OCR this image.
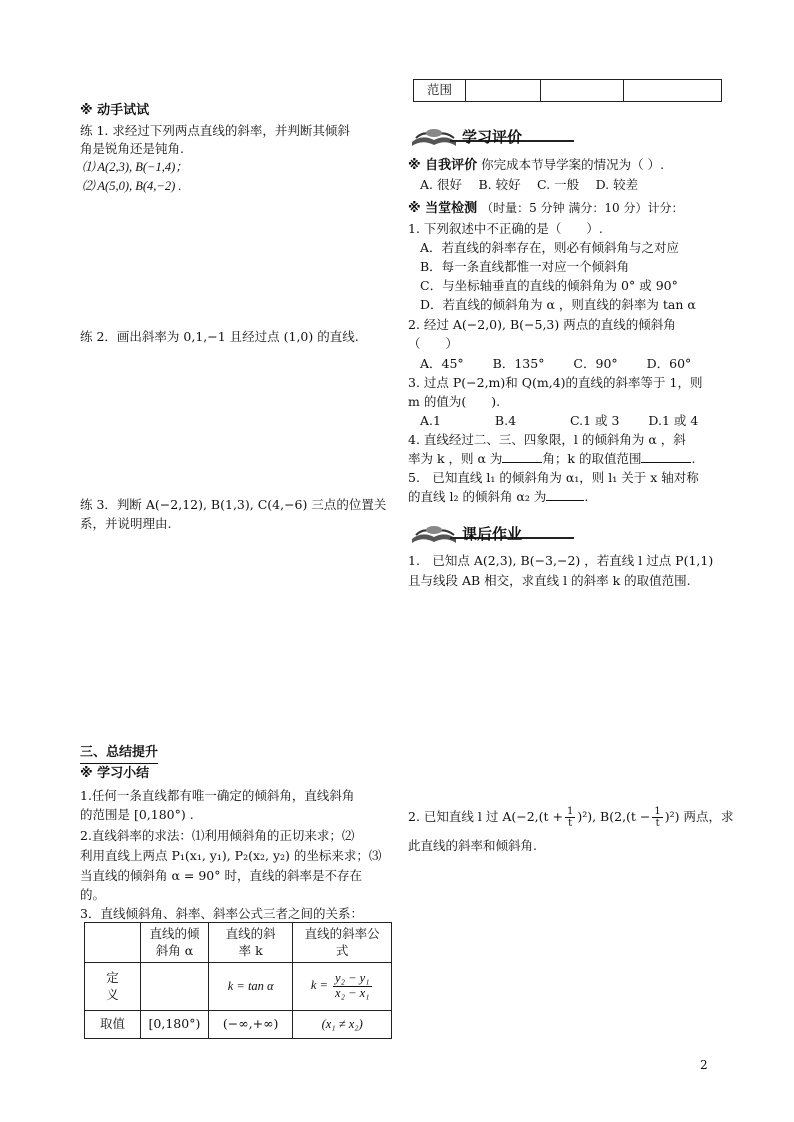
※ 动手试试

练 1. 求经过下列两点直线的斜率，并判断其倾斜

角是锐角还是钝角.

⑴ A(2,3), B(−1,4)；

⑵ A(5,0), B(4,−2) .

练 2．画出斜率为 0,1,−1 且经过点 (1,0) 的直线.

练 3．判断 A(−2,12), B(1,3), C(4,−6) 三点的位置关

系，并说明理由.

三、总结提升
※ 学习小结

1.任何一条直线都有唯一确定的倾斜角，直线斜角

的范围是 [0,180°) .

2.直线斜率的求法：⑴利用倾斜角的正切来求；⑵

利用直线上两点 P₁(x₁, y₁), P₂(x₂, y₂) 的坐标来求；⑶

当直线的倾斜角 α = 90° 时，直线的斜率是不存在

的。

3．直线倾斜角、斜率、斜率公式三者之间的关系：

	直线的倾
斜角 α	直线的斜
率 k	直线的斜率公
式
定
义		k = tan α	$k = \frac{\text{y₂ − y₁}}{\text{x₂ − x₁}}$

取值	[0,180°)	(−∞,+∞)	(x₁ ≠ x₂)
范围			
学习评价

※ 自我评价 你完成本节导学案的情况为（ ）.

A. 很好　 B. 较好　 C. 一般　 D. 较差

※ 当堂检测 （时量：5 分钟 满分：10 分）计分：

1. 下列叙述中不正确的是（　　）.

A．若直线的斜率存在，则必有倾斜角与之对应

B．每一条直线都惟一对应一个倾斜角

C．与坐标轴垂直的直线的倾斜角为 0° 或 90°

D．若直线的倾斜角为 α ，则直线的斜率为 tan α

2. 经过 A(−2,0), B(−5,3) 两点的直线的倾斜角

（　　）

A．45°　　 B．135°　　 C．90°　　 D．60°

3. 过点 P(−2,m)和 Q(m,4)的直线的斜率等于 1，则

m 的值为(　　).

A.1　　　　 B.4　　　　 C.1 或 3　　 D.1 或 4

4. 直线经过二、三、四象限，l 的倾斜角为 α ，斜

率为 k ，则 α 为	角；k 的取值范围	.

5.　已知直线 l₁ 的倾斜角为 α₁，则 l₁ 关于 x 轴对称

的直线 l₂ 的倾斜角 α₂ 为	.

课后作业

1.　已知点 A(2,3), B(−3,−2) ，若直线 l 过点 P(1,1)

且与线段 AB 相交，求直线 l 的斜率 k 的取值范围.

2. 已知直线 l 过 $A(-2,(t + \frac{1}{t} )^2)$, $B(2,(t - \frac{1}{t} )^2)$ 两点，求

此直线的斜率和倾斜角.

2
